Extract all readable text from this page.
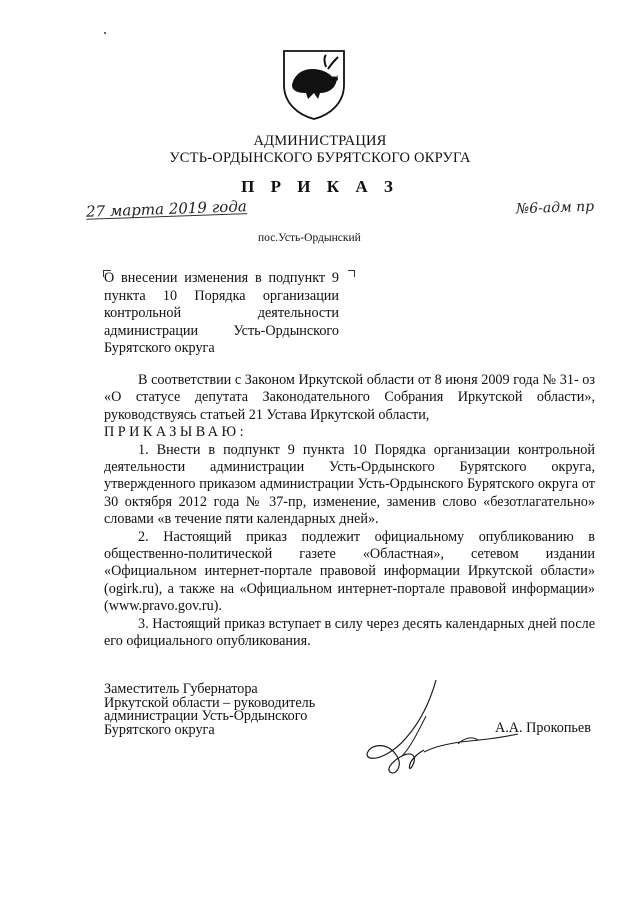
АДМИНИСТРАЦИЯ
УСТЬ-ОРДЫНСКОГО БУРЯТСКОГО ОКРУГА
П Р И К А З
27 марта 2019 года	№6-адм пр
пос.Усть-Ордынский
О внесении изменения в подпункт 9
пункта 10 Порядка организации
контрольной деятельности
администрации Усть-Ордынского
Бурятского округа

В соответствии с Законом Иркутской области от 8 июня 2009 года № 31- оз «О статусе депутата Законодательного Собрания Иркутской области», руководствуясь статьей 21 Устава Иркутской области,

ПРИКАЗЫВАЮ:

1. Внести в подпункт 9 пункта 10 Порядка организации контрольной деятельности администрации Усть-Ордынского Бурятского округа, утвержденного приказом администрации Усть-Ордынского Бурятского округа от 30 октября 2012 года № 37-пр, изменение, заменив слово «безотлагательно» словами «в течение пяти календарных дней».

2. Настоящий приказ подлежит официальному опубликованию в общественно-политической газете «Областная», сетевом издании «Официальном интернет-портале правовой информации Иркутской области» (ogirk.ru), а также на «Официальном интернет-портале правовой информации» (www.pravo.gov.ru).

3. Настоящий приказ вступает в силу через десять календарных дней после его официального опубликования.

Заместитель Губернатора
Иркутской области – руководитель
администрации Усть-Ордынского
Бурятского округа	А.А. Прокопьев
